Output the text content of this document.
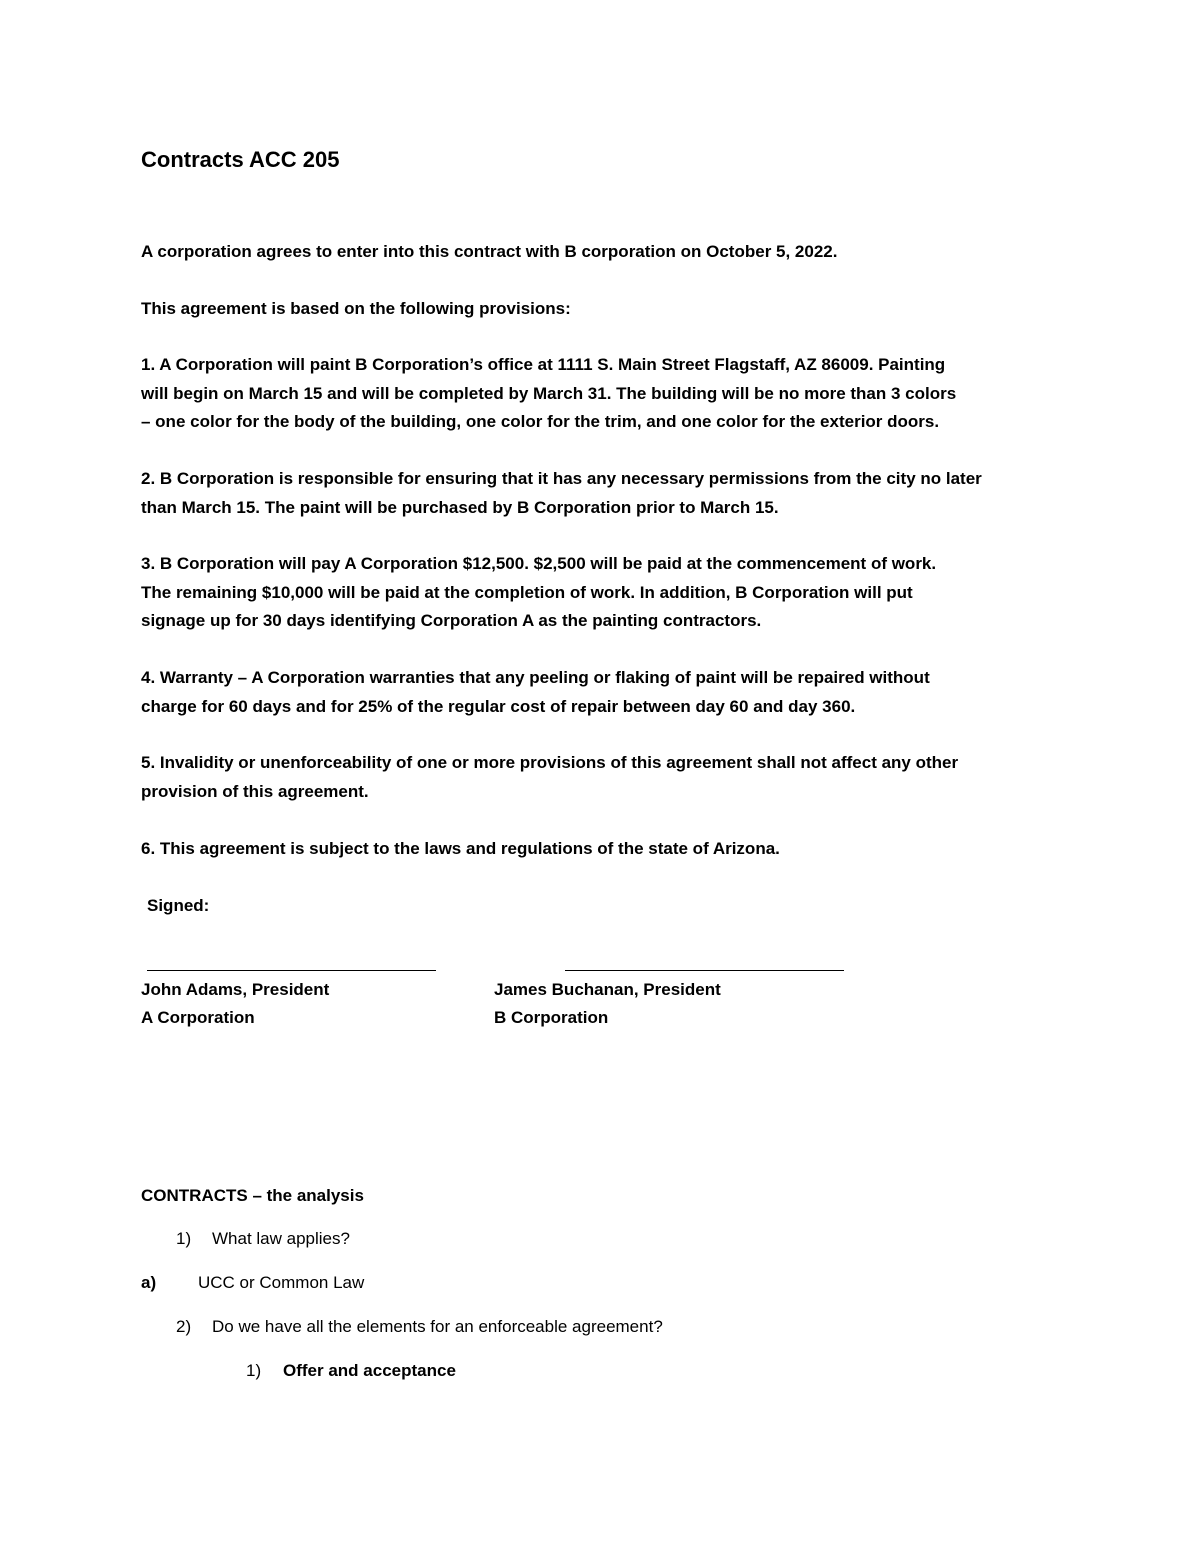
Contracts ACC 205

A corporation agrees to enter into this contract with B corporation on October 5, 2022.

This agreement is based on the following provisions:

1. A Corporation will paint B Corporation’s office at 1111 S. Main Street Flagstaff, AZ 86009. Painting
will begin on March 15 and will be completed by March 31. The building will be no more than 3 colors
– one color for the body of the building, one color for the trim, and one color for the exterior doors.
2. B Corporation is responsible for ensuring that it has any necessary permissions from the city no later
than March 15. The paint will be purchased by B Corporation prior to March 15.
3. B Corporation will pay A Corporation $12,500. $2,500 will be paid at the commencement of work.
The remaining $10,000 will be paid at the completion of work. In addition, B Corporation will put
signage up for 30 days identifying Corporation A as the painting contractors.
4. Warranty – A Corporation warranties that any peeling or flaking of paint will be repaired without
charge for 60 days and for 25% of the regular cost of repair between day 60 and day 360.
5. Invalidity or unenforceability of one or more provisions of this agreement shall not affect any other
provision of this agreement.
6. This agreement is subject to the laws and regulations of the state of Arizona.

Signed:

John Adams, President
A Corporation
James Buchanan, President
B Corporation

CONTRACTS – the analysis

1) What law applies?
a) UCC or Common Law
2) Do we have all the elements for an enforceable agreement?
1) Offer and acceptance
